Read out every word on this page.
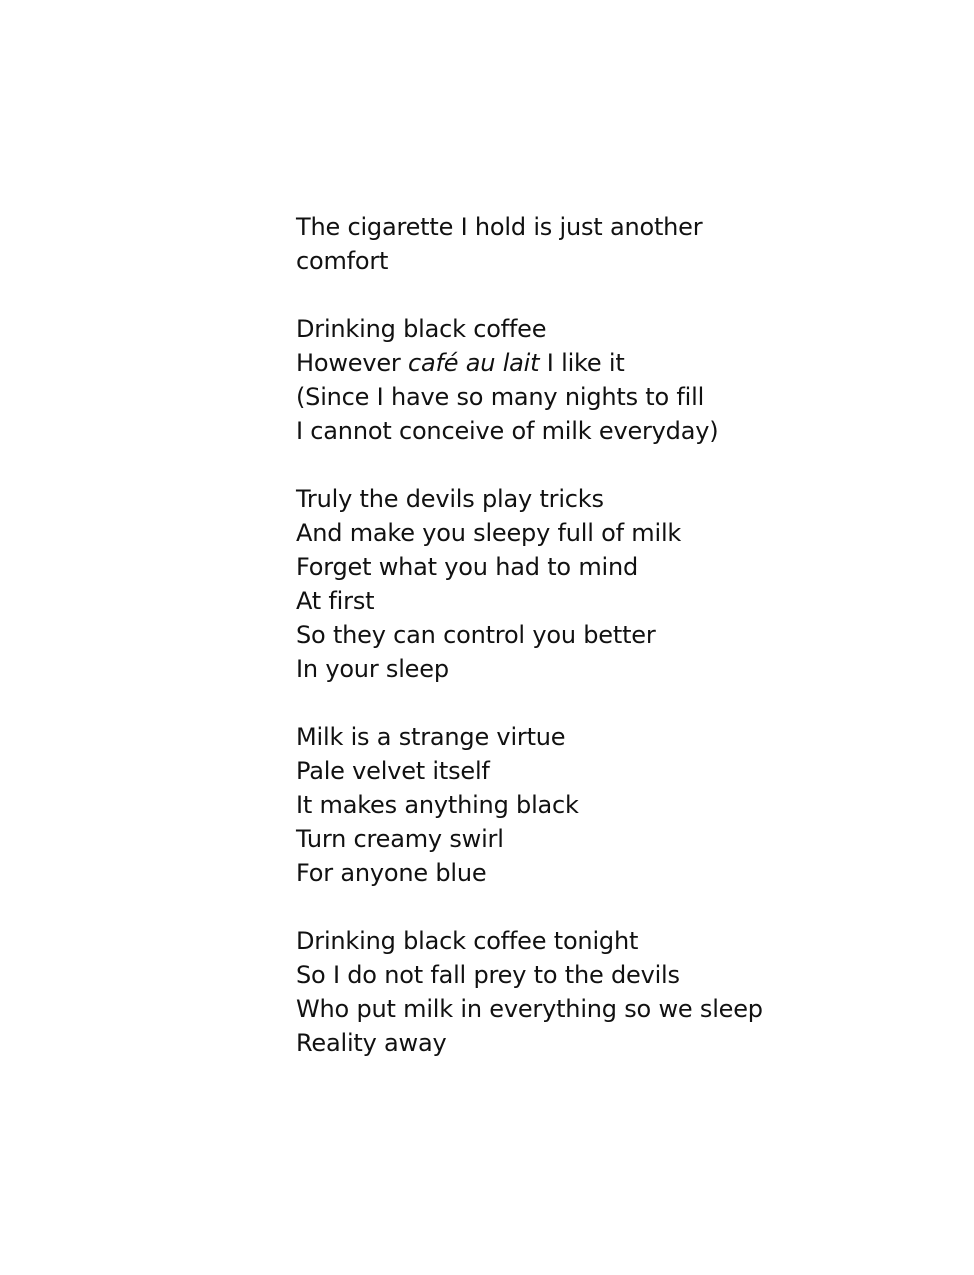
The cigarette I hold is just another
comfort
Drinking black coffee
However café au lait I like it
(Since I have so many nights to fill
I cannot conceive of milk everyday)
Truly the devils play tricks
And make you sleepy full of milk
Forget what you had to mind
At first
So they can control you better
In your sleep
Milk is a strange virtue
Pale velvet itself
It makes anything black
Turn creamy swirl
For anyone blue
Drinking black coffee tonight
So I do not fall prey to the devils
Who put milk in everything so we sleep
Reality away
